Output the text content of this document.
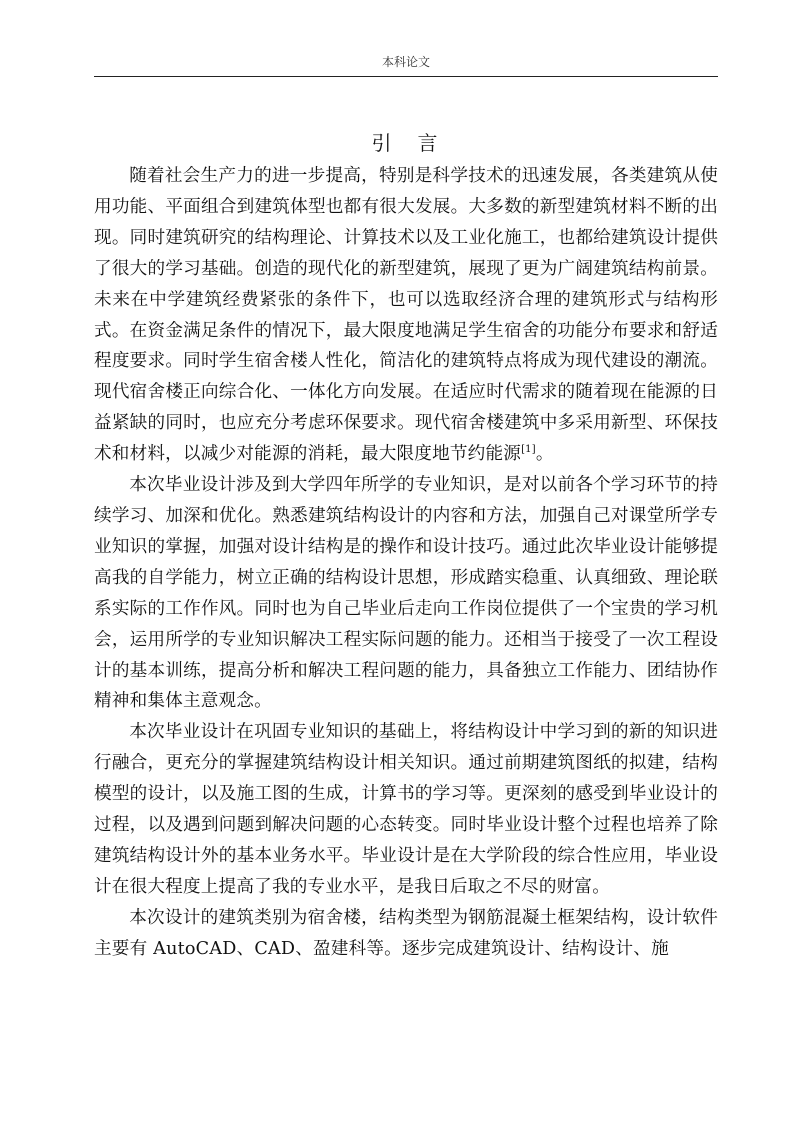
本科论文
引　言

随着社会生产力的进一步提高，特别是科学技术的迅速发展，各类建筑从使用功能、平面组合到建筑体型也都有很大发展。大多数的新型建筑材料不断的出现。同时建筑研究的结构理论、计算技术以及工业化施工，也都给建筑设计提供了很大的学习基础。创造的现代化的新型建筑，展现了更为广阔建筑结构前景。未来在中学建筑经费紧张的条件下，也可以选取经济合理的建筑形式与结构形式。在资金满足条件的情况下，最大限度地满足学生宿舍的功能分布要求和舒适程度要求。同时学生宿舍楼人性化，简洁化的建筑特点将成为现代建设的潮流。现代宿舍楼正向综合化、一体化方向发展。在适应时代需求的随着现在能源的日益紧缺的同时，也应充分考虑环保要求。现代宿舍楼建筑中多采用新型、环保技术和材料，以减少对能源的消耗，最大限度地节约能源[1]。

本次毕业设计涉及到大学四年所学的专业知识，是对以前各个学习环节的持续学习、加深和优化。熟悉建筑结构设计的内容和方法，加强自己对课堂所学专业知识的掌握，加强对设计结构是的操作和设计技巧。通过此次毕业设计能够提高我的自学能力，树立正确的结构设计思想，形成踏实稳重、认真细致、理论联系实际的工作作风。同时也为自己毕业后走向工作岗位提供了一个宝贵的学习机会，运用所学的专业知识解决工程实际问题的能力。还相当于接受了一次工程设计的基本训练，提高分析和解决工程问题的能力，具备独立工作能力、团结协作精神和集体主意观念。

本次毕业设计在巩固专业知识的基础上，将结构设计中学习到的新的知识进行融合，更充分的掌握建筑结构设计相关知识。通过前期建筑图纸的拟建，结构模型的设计，以及施工图的生成，计算书的学习等。更深刻的感受到毕业设计的过程，以及遇到问题到解决问题的心态转变。同时毕业设计整个过程也培养了除建筑结构设计外的基本业务水平。毕业设计是在大学阶段的综合性应用，毕业设计在很大程度上提高了我的专业水平，是我日后取之不尽的财富。

本次设计的建筑类别为宿舍楼，结构类型为钢筋混凝土框架结构，设计软件主要有 AutoCAD、CAD、盈建科等。逐步完成建筑设计、结构设计、施
